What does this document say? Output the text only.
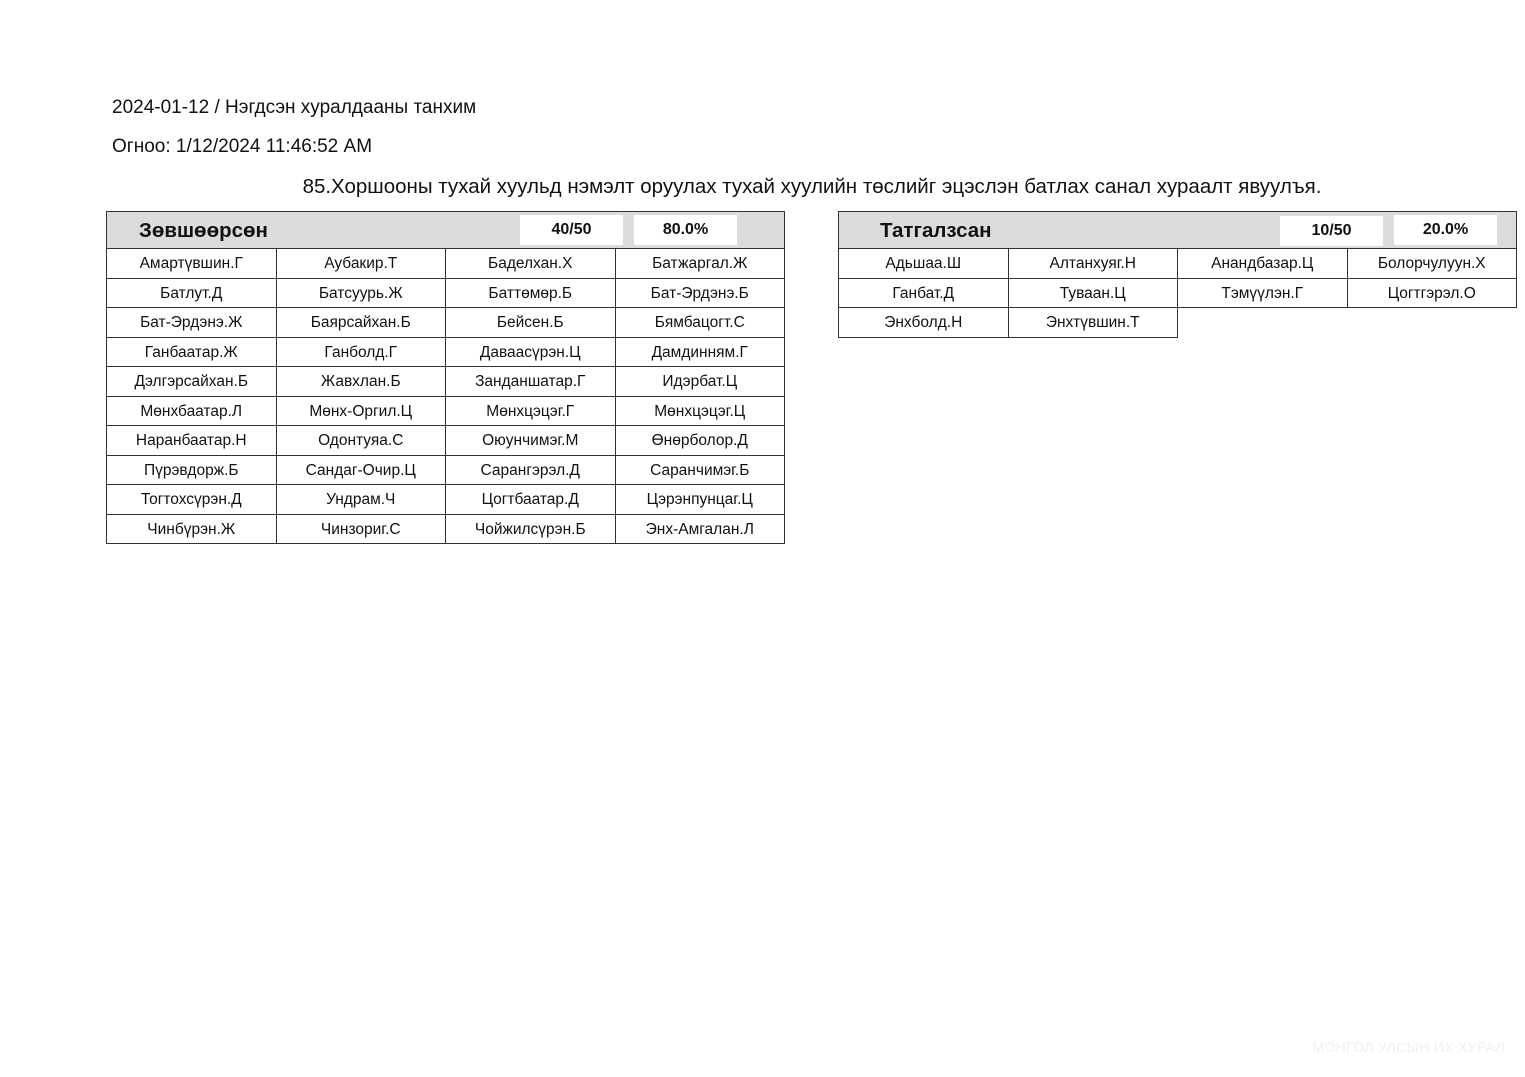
2024-01-12 / Нэгдсэн хуралдааны танхим
Огноо: 1/12/2024 11:46:52 AM
85.Хоршооны тухай хуульд нэмэлт оруулах тухай хуулийн төслийг эцэслэн батлах санал хураалт явуулъя.
Зөвшөөрсөн	40/50	80.0%
Амартүвшин.Г	Аубакир.Т	Баделхан.Х	Батжаргал.Ж
Батлут.Д	Батсуурь.Ж	Баттөмөр.Б	Бат-Эрдэнэ.Б
Бат-Эрдэнэ.Ж	Баярсайхан.Б	Бейсен.Б	Бямбацогт.С
Ганбаатар.Ж	Ганболд.Г	Даваасүрэн.Ц	Дамдинням.Г
Дэлгэрсайхан.Б	Жавхлан.Б	Занданшатар.Г	Идэрбат.Ц
Мөнхбаатар.Л	Мөнх-Оргил.Ц	Мөнхцэцэг.Г	Мөнхцэцэг.Ц
Наранбаатар.Н	Одонтуяа.С	Оюунчимэг.М	Өнөрболор.Д
Пүрэвдорж.Б	Сандаг-Очир.Ц	Сарангэрэл.Д	Саранчимэг.Б
Тогтохсүрэн.Д	Ундрам.Ч	Цогтбаатар.Д	Цэрэнпунцаг.Ц
Чинбүрэн.Ж	Чинзориг.С	Чойжилсүрэн.Б	Энх-Амгалан.Л
Татгалзсан	10/50	20.0%
Адьшаа.Ш	Алтанхуяг.Н	Анандбазар.Ц	Болорчулуун.Х
Ганбат.Д	Туваан.Ц	Тэмүүлэн.Г	Цогтгэрэл.О
Энхболд.Н	Энхтүвшин.Т
МОНГОЛ УЛСЫН ИХ ХУРАЛ
